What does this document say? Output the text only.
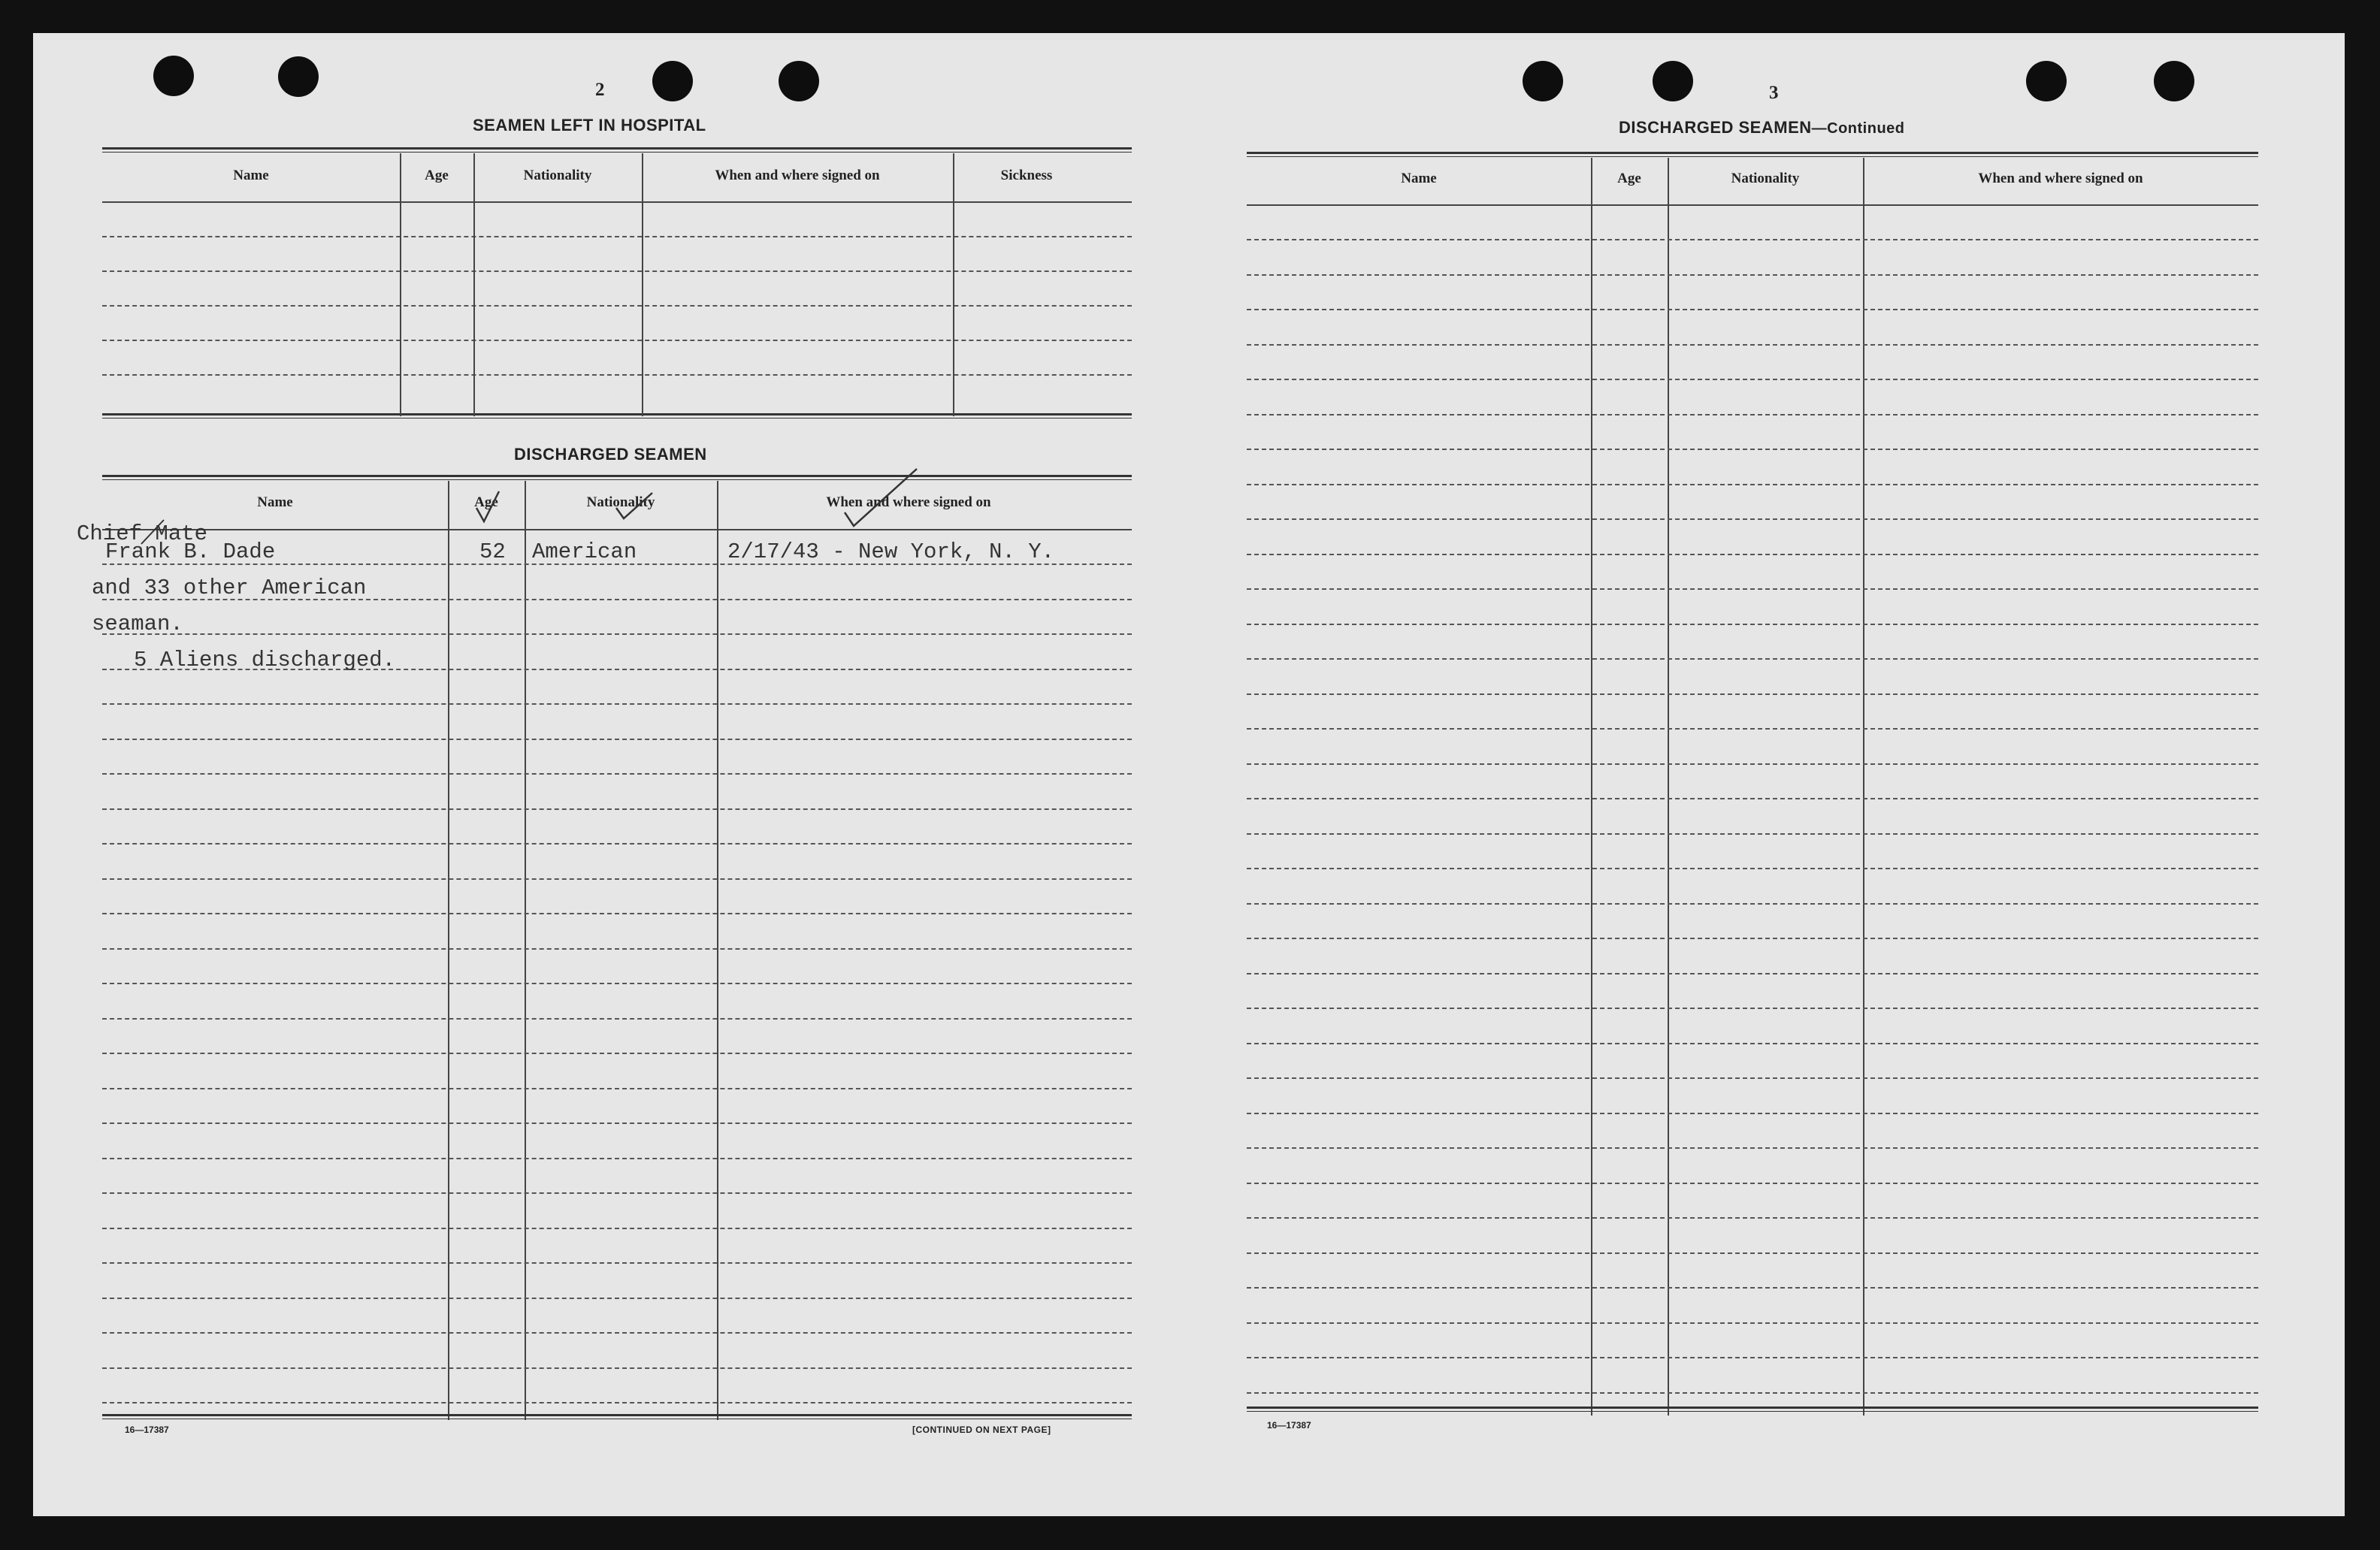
2
SEAMEN LEFT IN HOSPITAL
Name	Age	Nationality	When and where signed on	Sickness
DISCHARGED SEAMEN
Name	Age	Nationality	When and where signed on
Chief Mate
Frank B. Dade	52 American	2/17/43 - New York, N. Y.
and 33 other American
seaman.
5 Aliens discharged.
16—17387	[CONTINUED ON NEXT PAGE]
3
DISCHARGED SEAMEN—Continued
Name	Age	Nationality	When and where signed on
16—17387
